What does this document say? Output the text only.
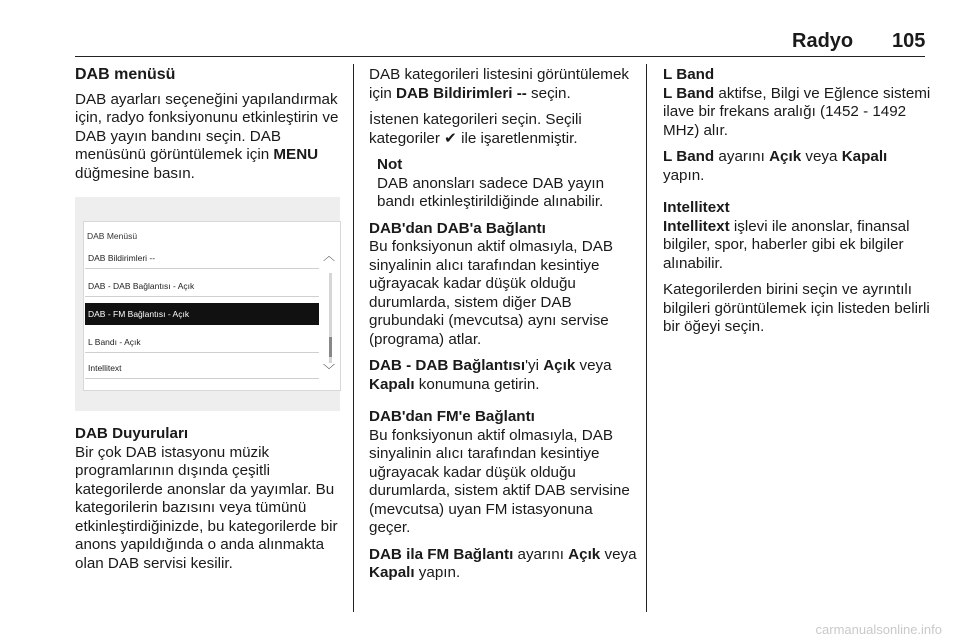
Radyo 105
DAB menüsü

DAB ayarları seçeneğini yapılandırmak için, radyo fonksiyonunu etkinleştirin ve DAB yayın bandını seçin. DAB menüsünü görüntülemek için MENU düğmesine basın.

DAB Menüsü
DAB Bildirimleri --
DAB - DAB Bağlantısı - Açık
DAB - FM Bağlantısı - Açık
L Bandı - Açık
Intellitext
︿
﹀
DAB Duyuruları

Bir çok DAB istasyonu müzik programlarının dışında çeşitli kategorilerde anonslar da yayımlar. Bu kategorilerin bazısını veya tümünü etkinleştirdiğinizde, bu kategorilerde bir anons yapıldığında o anda alınmakta olan DAB servisi kesilir.

DAB kategorileri listesini görüntülemek için DAB Bildirimleri -- seçin.

İstenen kategorileri seçin. Seçili kategoriler ✔ ile işaretlenmiştir.

Not
DAB anonsları sadece DAB yayın bandı etkinleştirildiğinde alınabilir.
DAB'dan DAB'a Bağlantı

Bu fonksiyonun aktif olmasıyla, DAB sinyalinin alıcı tarafından kesintiye uğrayacak kadar düşük olduğu durumlarda, sistem diğer DAB grubundaki (mevcutsa) aynı servise (programa) atlar.

DAB - DAB Bağlantısı'yi Açık veya Kapalı konumuna getirin.

DAB'dan FM'e Bağlantı

Bu fonksiyonun aktif olmasıyla, DAB sinyalinin alıcı tarafından kesintiye uğrayacak kadar düşük olduğu durumlarda, sistem aktif DAB servisine (mevcutsa) uyan FM istasyonuna geçer.

DAB ila FM Bağlantı ayarını Açık veya Kapalı yapın.

L Band

L Band aktifse, Bilgi ve Eğlence sistemi ilave bir frekans aralığı (1452 - 1492 MHz) alır.

L Band ayarını Açık veya Kapalı yapın.

Intellitext

Intellitext işlevi ile anonslar, finansal bilgiler, spor, haberler gibi ek bilgiler alınabilir.

Kategorilerden birini seçin ve ayrıntılı bilgileri görüntülemek için listeden belirli bir öğeyi seçin.

carmanualsonline.info
